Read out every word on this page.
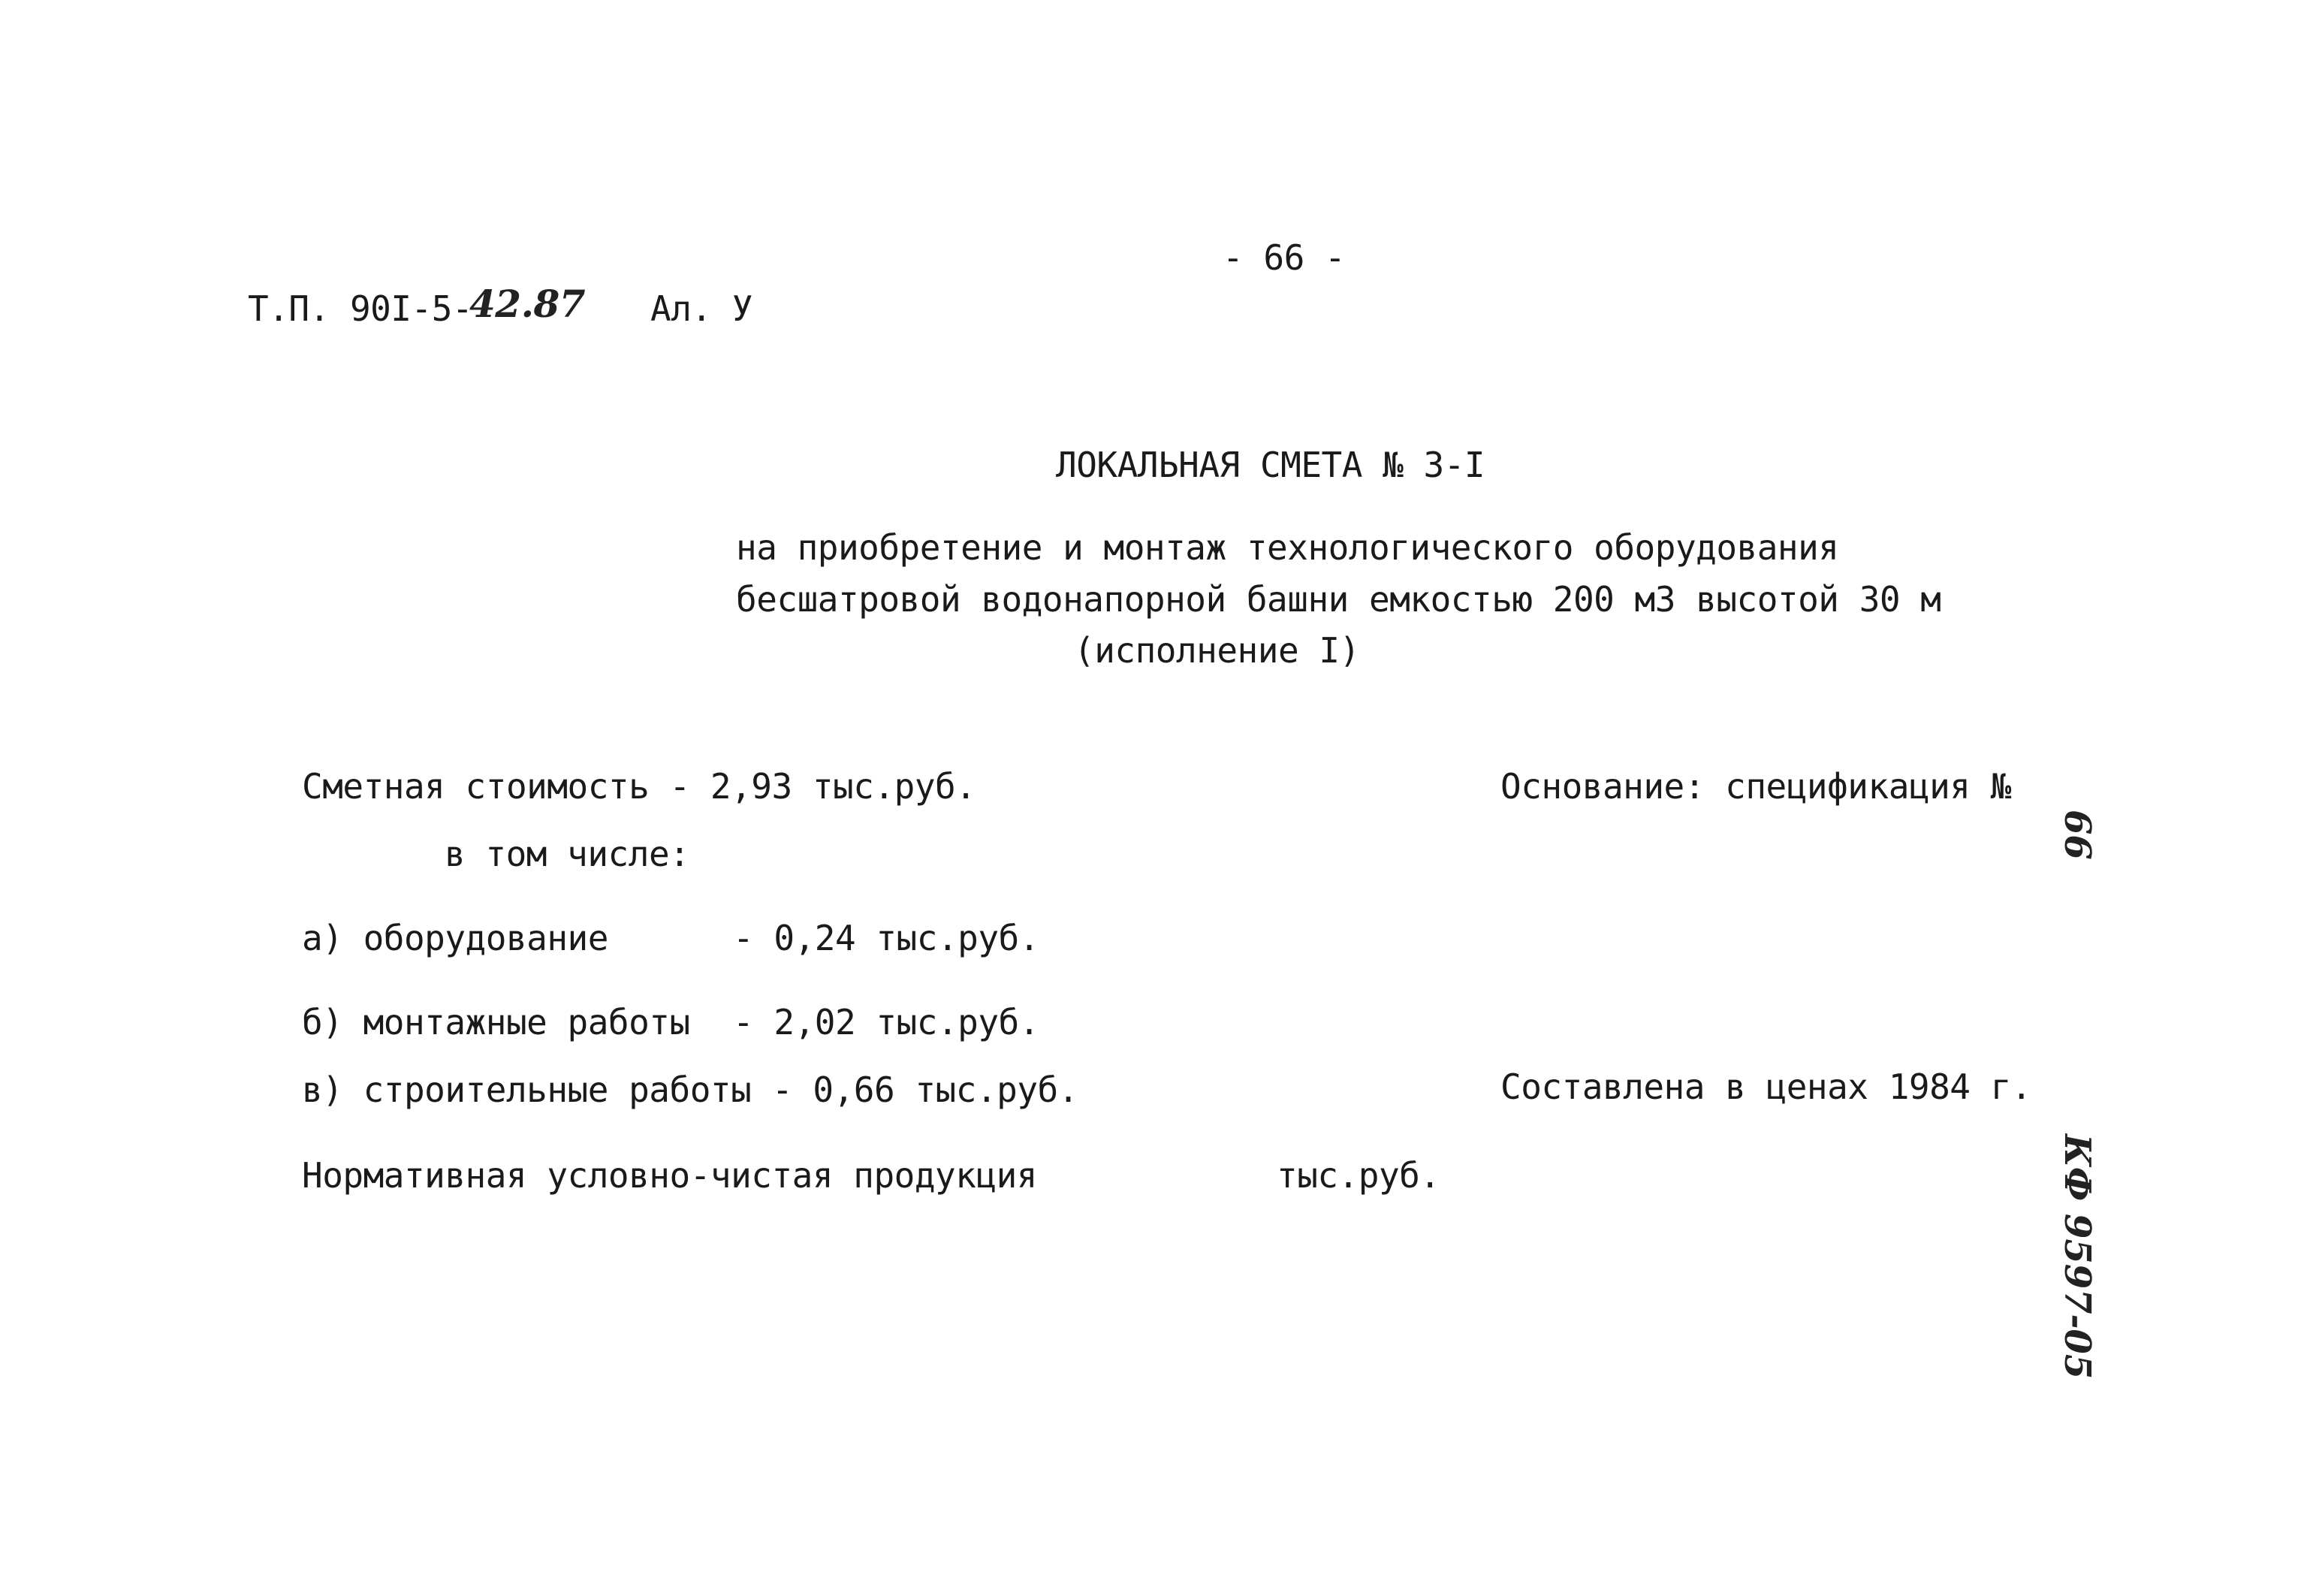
- 66 -
Т.П. 90I-5-
42.87 Ал. У
ЛОКАЛЬНАЯ СМЕТА № 3-I
на приобретение и монтаж технологического оборудования
бесшатровой водонапорной башни емкостью 200 м3 высотой 30 м
(исполнение I)
Сметная стоимость - 2,93 тыс.руб.
в том числе:
а) оборудование	- 0,24 тыс.руб.
б) монтажные работы - 2,02 тыс.руб.
в) строительные работы - 0,66 тыс.руб.
Нормативная условно-чистая продукция	тыс.руб.
Основание: спецификация №
Составлена в ценах 1984 г.
66
КФ 9597-05
